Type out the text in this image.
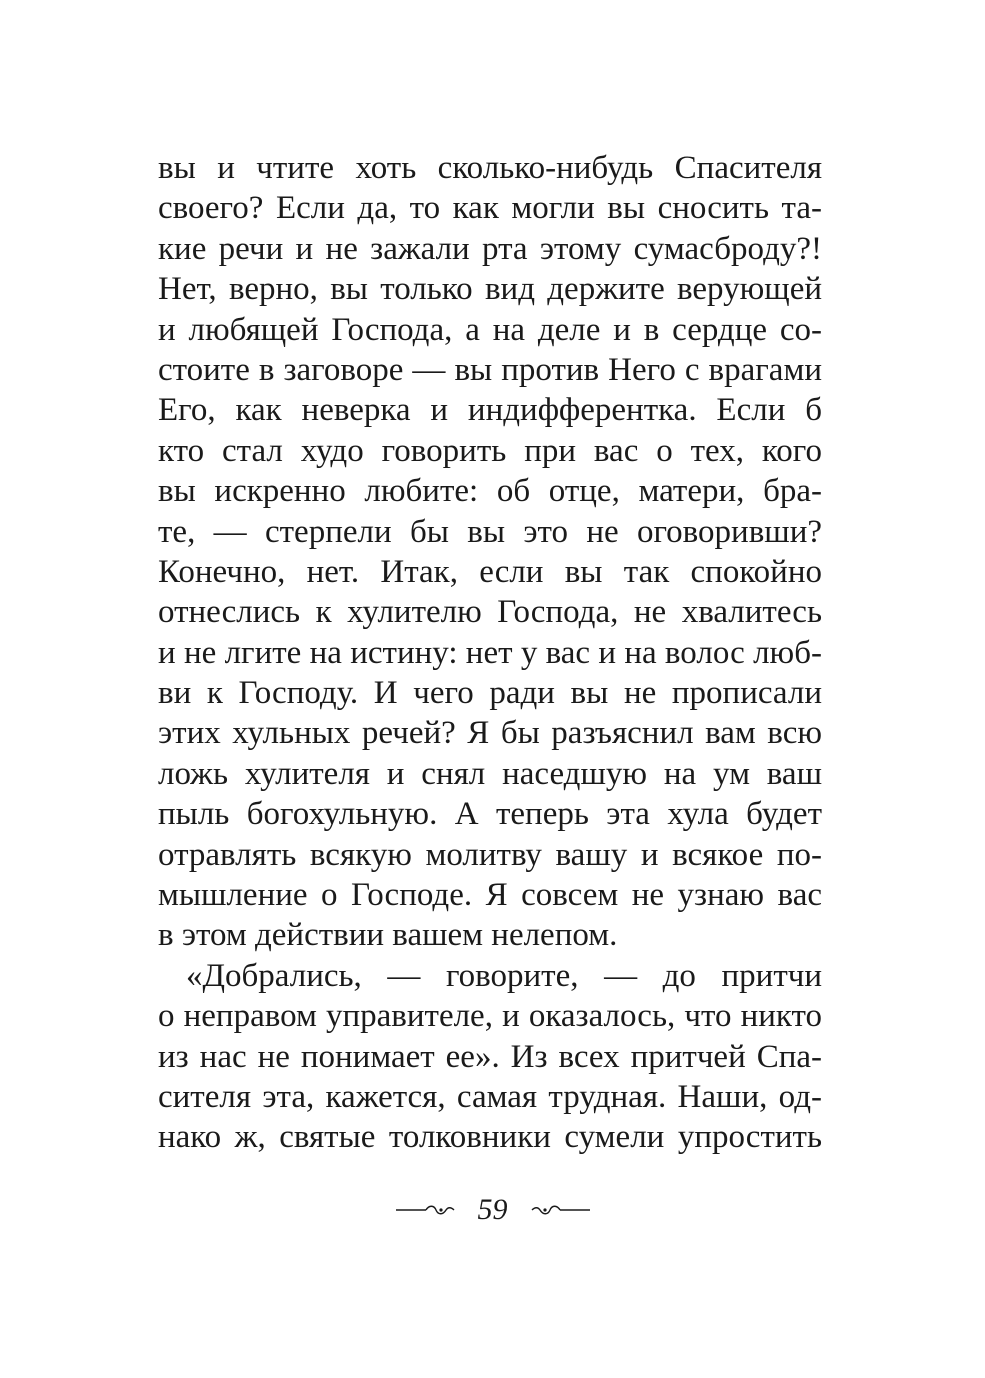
вы и чтите хоть сколько-нибудь Спасителя
своего? Если да, то как могли вы сносить та-
кие речи и не зажали рта этому сумасброду?!
Нет, верно, вы только вид держите верующей
и любящей Господа, а на деле и в сердце со-
стоите в заговоре — вы против Него с врагами
Его, как неверка и индифферентка. Если б
кто стал худо говорить при вас о тех, кого
вы искренно любите: об отце, матери, бра-
те, — стерпели бы вы это не оговоривши?
Конечно, нет. Итак, если вы так спокойно
отнеслись к хулителю Господа, не хвалитесь
и не лгите на истину: нет у вас и на волос люб-
ви к Господу. И чего ради вы не прописали
этих хульных речей? Я бы разъяснил вам всю
ложь хулителя и снял наседшую на ум ваш
пыль богохульную. А теперь эта хула будет
отравлять всякую молитву вашу и всякое по-
мышление о Господе. Я совсем не узнаю вас
в этом действии вашем нелепом.
«Добрались, — говорите, — до притчи
о неправом управителе, и оказалось, что никто
из нас не понимает ее». Из всех притчей Спа-
сителя эта, кажется, самая трудная. Наши, од-
нако ж, святые толковники сумели упростить
59
